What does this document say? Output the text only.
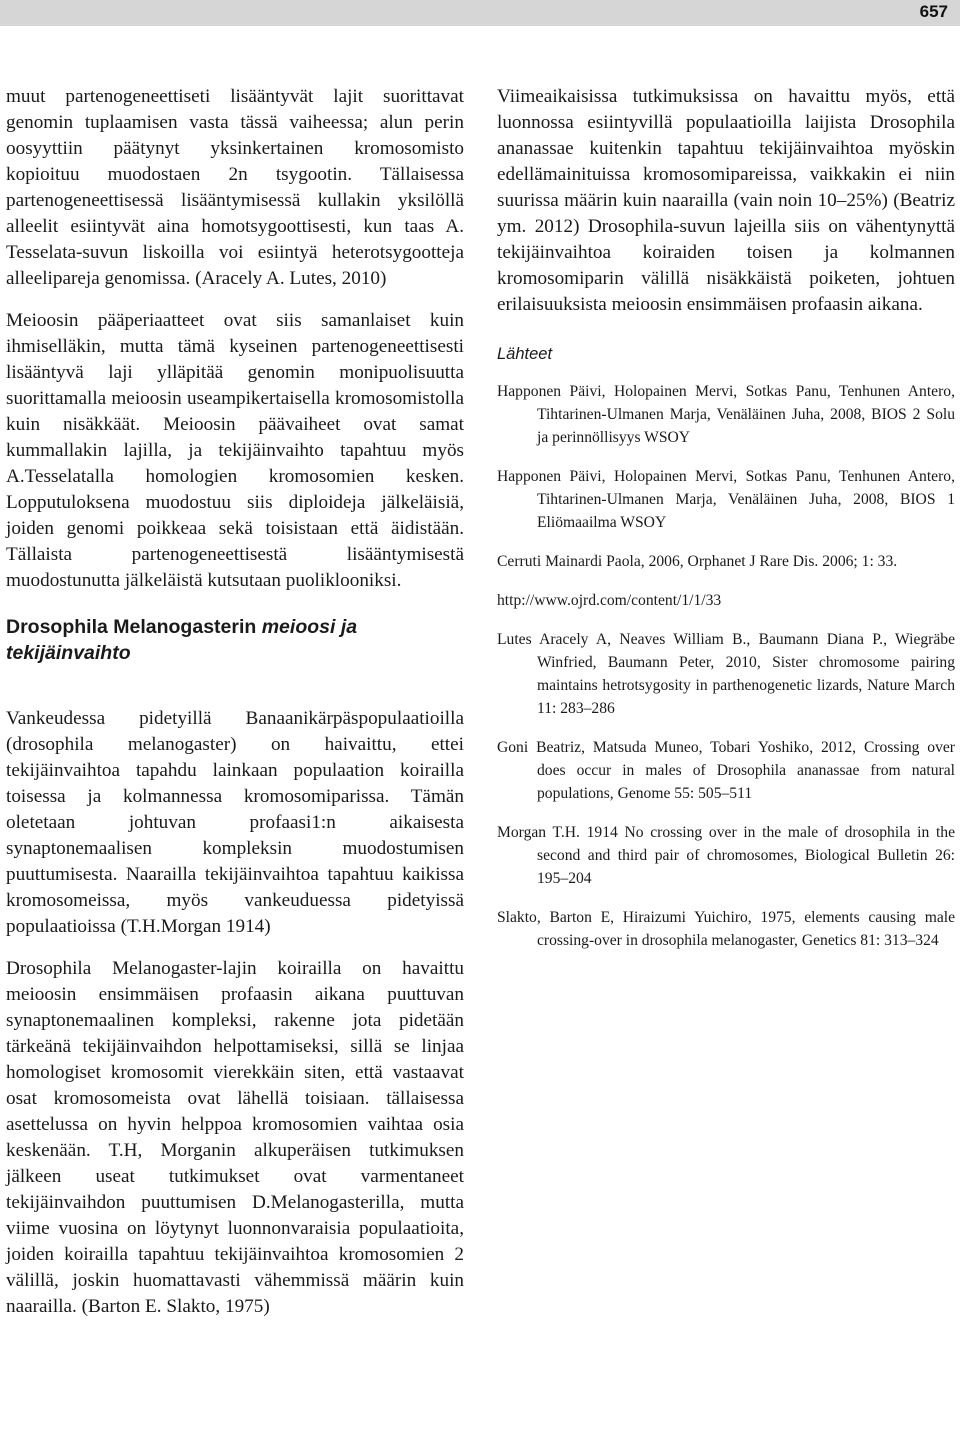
657

muut partenogeneettiseti lisääntyvät lajit suorittavat genomin tuplaamisen vasta tässä vaiheessa; alun perin oosyyttiin päätynyt yksinkertainen kromosomisto kopioituu muodostaen 2n tsygootin. Tällaisessa partenogeneettisessä lisääntymisessä kullakin yksilöllä alleelit esiintyvät aina homotsygoottisesti, kun taas A. Tesselata-suvun liskoilla voi esiintyä heterotsygootteja alleelipareja genomissa. (Aracely A. Lutes, 2010)

Meioosin pääperiaatteet ovat siis samanlaiset kuin ihmiselläkin, mutta tämä kyseinen partenogeneettisesti lisääntyvä laji ylläpitää genomin monipuolisuutta suorittamalla meioosin useampikertaisella kromosomistolla kuin nisäkkäät. Meioosin päävaiheet ovat samat kummallakin lajilla, ja tekijäinvaihto tapahtuu myös A.Tesselatalla homologien kromosomien kesken. Lopputuloksena muodostuu siis diploideja jälkeläisiä, joiden genomi poikkeaa sekä toisistaan että äidistään. Tällaista partenogeneettisestä lisääntymisestä muodostunutta jälkeläistä kutsutaan puoliklooniksi.

Drosophila Melanogasterin meioosi ja tekijäinvaihto

Vankeudessa pidetyillä Banaanikärpäspopulaatioilla (drosophila melanogaster) on haivaittu, ettei tekijäinvaihtoa tapahdu lainkaan populaation koirailla toisessa ja kolmannessa kromosomiparissa. Tämän oletetaan johtuvan profaasi1:n aikaisesta synaptonemaalisen kompleksin muodostumisen puuttumisesta. Naarailla tekijäinvaihtoa tapahtuu kaikissa kromosomeissa, myös vankeuduessa pidetyissä populaatioissa (T.H.Morgan 1914)

Drosophila Melanogaster-lajin koirailla on havaittu meioosin ensimmäisen profaasin aikana puuttuvan synaptonemaalinen kompleksi, rakenne jota pidetään tärkeänä tekijäinvaihdon helpottamiseksi, sillä se linjaa homologiset kromosomit vierekkäin siten, että vastaavat osat kromosomeista ovat lähellä toisiaan. tällaisessa asettelussa on hyvin helppoa kromosomien vaihtaa osia keskenään. T.H, Morganin alkuperäisen tutkimuksen jälkeen useat tutkimukset ovat varmentaneet tekijäinvaihdon puuttumisen D.Melanogasterilla, mutta viime vuosina on löytynyt luonnonvaraisia populaatioita, joiden koirailla tapahtuu tekijäinvaihtoa kromosomien 2 välillä, joskin huomattavasti vähemmissä määrin kuin naarailla. (Barton E. Slakto, 1975)

Viimeaikaisissa tutkimuksissa on havaittu myös, että luonnossa esiintyvillä populaatioilla laijista Drosophila ananassae kuitenkin tapahtuu tekijäinvaihtoa myöskin edellämainituissa kromosomipareissa, vaikkakin ei niin suurissa määrin kuin naarailla (vain noin 10–25%) (Beatriz ym. 2012) Drosophila-suvun lajeilla siis on vähentynyttä tekijäinvaihtoa koiraiden toisen ja kolmannen kromosomiparin välillä nisäkkäistä poiketen, johtuen erilaisuuksista meioosin ensimmäisen profaasin aikana.

Lähteet

Happonen Päivi, Holopainen Mervi, Sotkas Panu, Tenhunen Antero, Tihtarinen-Ulmanen Marja, Venäläinen Juha, 2008, BIOS 2 Solu ja perinnöllisyys WSOY

Happonen Päivi, Holopainen Mervi, Sotkas Panu, Tenhunen Antero, Tihtarinen-Ulmanen Marja, Venäläinen Juha, 2008, BIOS 1 Eliömaailma WSOY

Cerruti Mainardi Paola, 2006, Orphanet J Rare Dis. 2006; 1: 33.

http://www.ojrd.com/content/1/1/33

Lutes Aracely A, Neaves William B., Baumann Diana P., Wiegräbe Winfried, Baumann Peter, 2010, Sister chromosome pairing maintains hetrotsygosity in parthenogenetic lizards, Nature March 11: 283–286

Goni Beatriz, Matsuda Muneo, Tobari Yoshiko, 2012, Crossing over does occur in males of Drosophila ananassae from natural populations, Genome 55: 505–511

Morgan T.H. 1914 No crossing over in the male of drosophila in the second and third pair of chromosomes, Biological Bulletin 26: 195–204

Slakto, Barton E, Hiraizumi Yuichiro, 1975, elements causing male crossing-over in drosophila melanogaster, Genetics 81: 313–324
